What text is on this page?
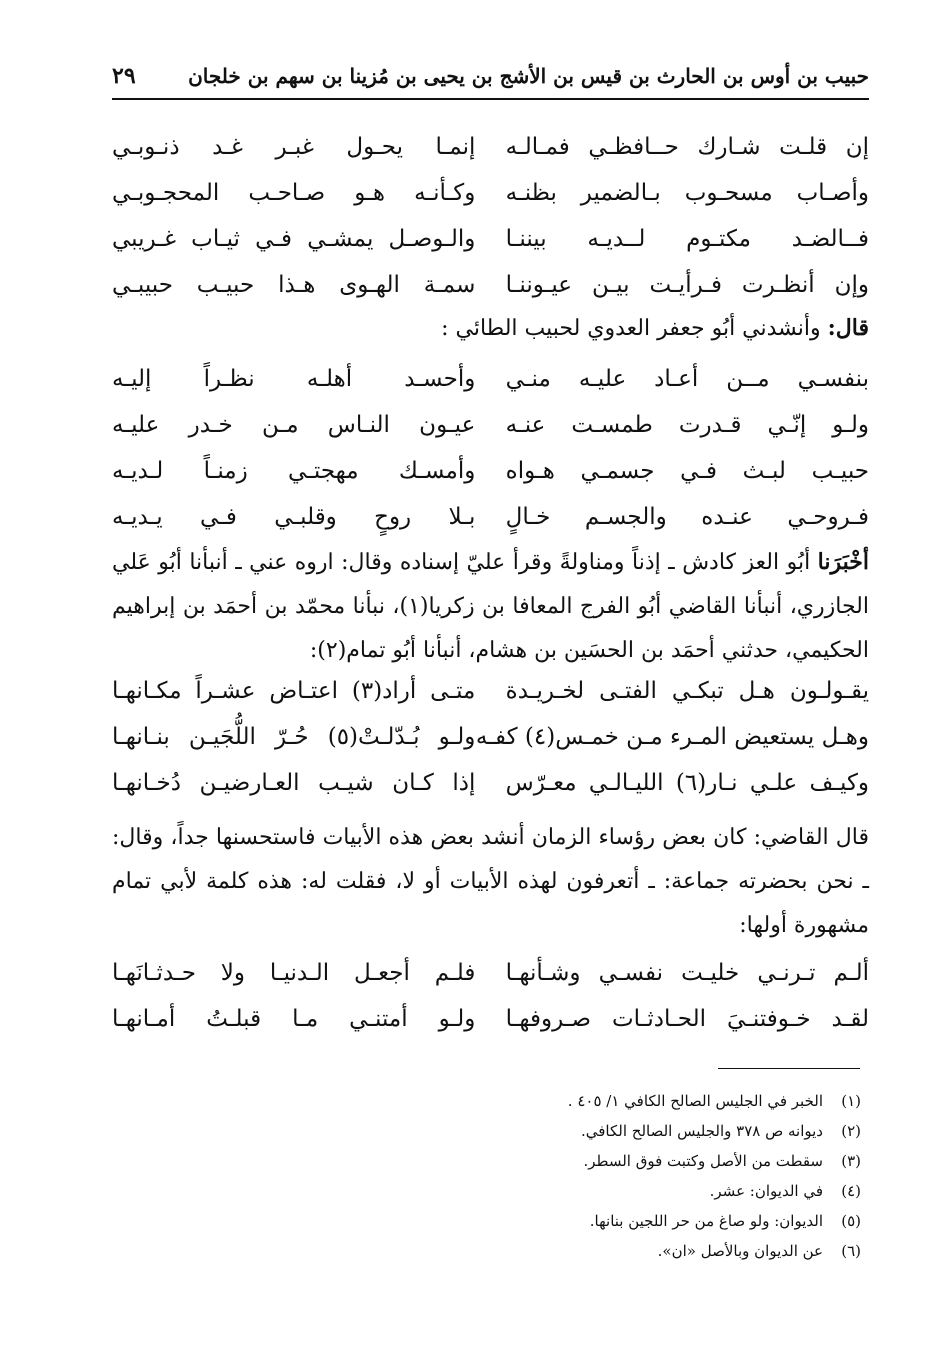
حبيب بن أوس بن الحارث بن قيس بن الأشج بن يحيى بن مُزينا بن سهم بن خلجان
٢٩
إن قلـت شـارك حــافظـي فمـالـه
إنمـا يحـول غبـر غـد ذنـوبـي
وأصـاب مسحـوب بـالضمير بظنـه
وكـأنـه هـو صـاحـب المحجـوبـي
فــالضـد مكتـوم لــديـه بيننـا
والـوصـل يمشـي فـي ثيـاب غـريبي
وإن أنظـرت فـرأيـت بيـن عيـوننـا
سمـة الهـوى هـذا حبيـب حبيبـي
قال: وأنشدني أبُو جعفر العدوي لحبيب الطائي :
بنفسـي مــن أعـاد عليـه منـي
وأحسـد أهلـه نظـراً إليـه
ولـو إنّـي قـدرت طمسـت عنـه
عيـون النـاس مـن خـدر عليـه
حبيـب لبـث فـي جسمـي هـواه
وأمسـك مهجتـي زمنـاً لـديـه
فـروحـي عنـده والجسـم خـالٍ
بـلا روحٍ وقلبـي فـي يـديـه
أخْبَرَنا أبُو العز كادش ـ إذناً ومناولةً وقرأ عليّ إسناده وقال: اروه عني ـ أنبأنا أبُو عَلي الجازري، أنبأنا القاضي أبُو الفرج المعافا بن زكريا(١)، نبأنا محمّد بن أحمَد بن إبراهيم الحكيمي، حدثني أحمَد بن الحسَين بن هشام، أنبأنا أبُو تمام(٢):
يقـولـون هـل تبكـي الفتـى لخـريـدة
متـى أراد(٣) اعتـاض عشـراً مكـانهـا
وهـل يستعيض المـرء مـن خمـس(٤) كفـه
ولـو بُـدّلـتْ(٥) حُـرّ اللُّجَيـن بنـانهـا
وكيـف علـي نـار(٦) الليـالـي معـرّس
إذا كـان شيـب العـارضيـن دُخـانهـا
قال القاضي: كان بعض رؤساء الزمان أنشد بعض هذه الأبيات فاستحسنها جداً، وقال: ـ نحن بحضرته جماعة: ـ أتعرفون لهذه الأبيات أو لا، فقلت له: هذه كلمة لأبي تمام مشهورة أولها:
ألـم تـرنـي خليـت نفسـي وشـأنهـا
فلـم أجعـل الـدنيـا ولا حـدثـانَهـا
لقـد خـوفتنـيَ الحـادثـات صـروفهـا
ولـو أمتنـي مـا قبلـتُ أمـانهـا
(١)الخبر في الجليس الصالح الكافي ١/ ٤٠٥ .
(٢)ديوانه ص ٣٧٨ والجليس الصالح الكافي.
(٣)سقطت من الأصل وكتبت فوق السطر.
(٤)في الديوان: عشر.
(٥)الديوان: ولو صاغ من حر اللجين بنانها.
(٦)عن الديوان وبالأصل «ان».
